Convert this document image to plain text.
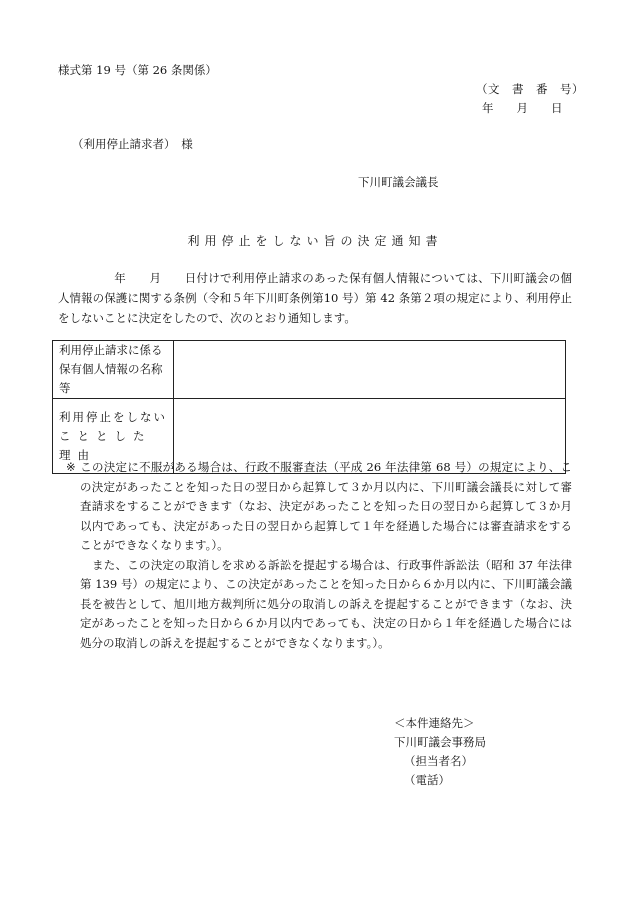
様式第 19 号（第 26 条関係）
（文　書　番　号）
年　　月　　日
（利用停止請求者）　様
下川町議会議長
利用停止をしない旨の決定通知書
年　　月　　日付けで利用停止請求のあった保有個人情報については、下川町議会の個人情報の保護に関する条例（令和５年下川町条例第10 号）第 42 条第２項の規定により、利用停止をしないことに決定をしたので、次のとおり通知します。
利用停止請求に係る
保有個人情報の名称等	

利用停止をしない
こととした理由	

※ この決定に不服がある場合は、行政不服審査法（平成 26 年法律第 68 号）の規定により、この決定があったことを知った日の翌日から起算して３か月以内に、下川町議会議長に対して審査請求をすることができます（なお、決定があったことを知った日の翌日から起算して３か月以内であっても、決定があった日の翌日から起算して１年を経過した場合には審査請求をすることができなくなります。）。
また、この決定の取消しを求める訴訟を提起する場合は、行政事件訴訟法（昭和 37 年法律第 139 号）の規定により、この決定があったことを知った日から６か月以内に、下川町議会議長を被告として、旭川地方裁判所に処分の取消しの訴えを提起することができます（なお、決定があったことを知った日から６か月以内であっても、決定の日から１年を経過した場合には処分の取消しの訴えを提起することができなくなります。）。
＜本件連絡先＞
下川町議会事務局
（担当者名）
（電話）
